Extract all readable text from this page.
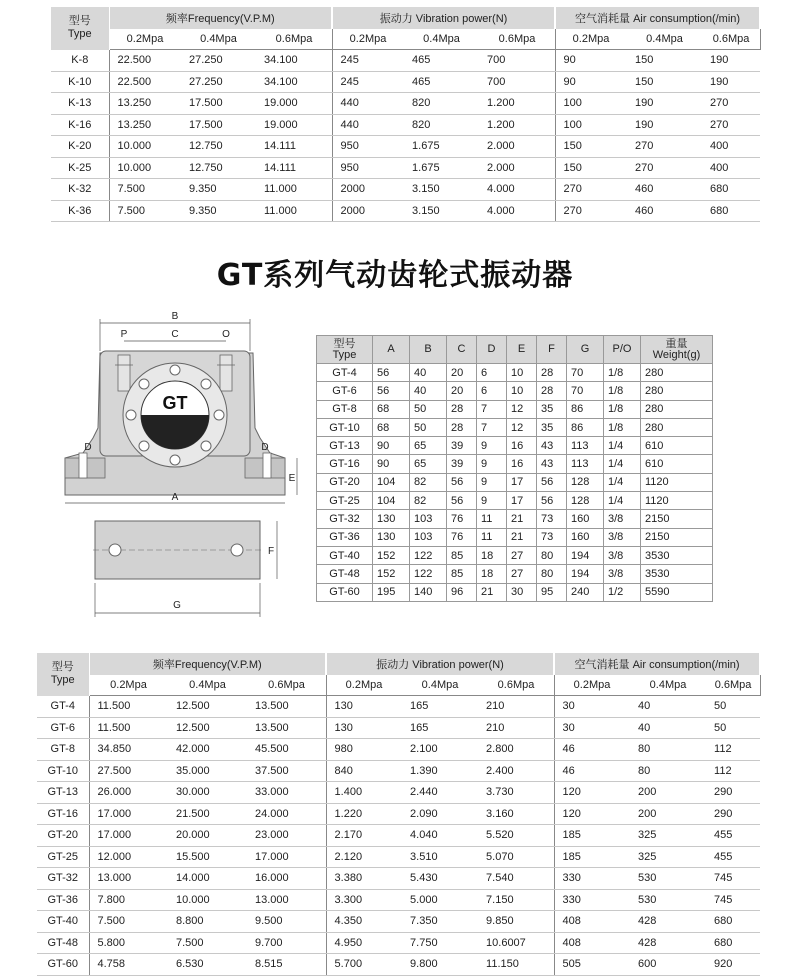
型号
Type	频率Frequency(V.P.M)			振动力 Vibration power(N)			空气消耗量 Air consumption(/min)		
	0.2Mpa	0.4Mpa	0.6Mpa	0.2Mpa	0.4Mpa	0.6Mpa	0.2Mpa	0.4Mpa	0.6Mpa
K-8	22.500	27.250	34.100	245	465	700	90	150	190
K-10	22.500	27.250	34.100	245	465	700	90	150	190
K-13	13.250	17.500	19.000	440	820	1.200	100	190	270
K-16	13.250	17.500	19.000	440	820	1.200	100	190	270
K-20	10.000	12.750	14.111	950	1.675	2.000	150	270	400
K-25	10.000	12.750	14.111	950	1.675	2.000	150	270	400
K-32	7.500	9.350	11.000	2000	3.150	4.000	270	460	680
K-36	7.500	9.350	11.000	2000	3.150	4.000	270	460	680
GT系列气动齿轮式振动器
GT
B
P	C	O
D	D
A
E
F
G
型号
Type	A	B	C	D	E	F	G	P/O	重量
Weight(g)
GT-4	56	40	20	6	10	28	70	1/8	280
GT-6	56	40	20	6	10	28	70	1/8	280
GT-8	68	50	28	7	12	35	86	1/8	280
GT-10	68	50	28	7	12	35	86	1/8	280
GT-13	90	65	39	9	16	43	113	1/4	610
GT-16	90	65	39	9	16	43	113	1/4	610
GT-20	104	82	56	9	17	56	128	1/4	1120
GT-25	104	82	56	9	17	56	128	1/4	1120
GT-32	130	103	76	11	21	73	160	3/8	2150
GT-36	130	103	76	11	21	73	160	3/8	2150
GT-40	152	122	85	18	27	80	194	3/8	3530
GT-48	152	122	85	18	27	80	194	3/8	3530
GT-60	195	140	96	21	30	95	240	1/2	5590
型号
Type	频率Frequency(V.P.M)			振动力 Vibration power(N)			空气消耗量 Air consumption(/min)		
	0.2Mpa	0.4Mpa	0.6Mpa	0.2Mpa	0.4Mpa	0.6Mpa	0.2Mpa	0.4Mpa	0.6Mpa
GT-4	11.500	12.500	13.500	130	165	210	30	40	50
GT-6	11.500	12.500	13.500	130	165	210	30	40	50
GT-8	34.850	42.000	45.500	980	2.100	2.800	46	80	112
GT-10	27.500	35.000	37.500	840	1.390	2.400	46	80	112
GT-13	26.000	30.000	33.000	1.400	2.440	3.730	120	200	290
GT-16	17.000	21.500	24.000	1.220	2.090	3.160	120	200	290
GT-20	17.000	20.000	23.000	2.170	4.040	5.520	185	325	455
GT-25	12.000	15.500	17.000	2.120	3.510	5.070	185	325	455
GT-32	13.000	14.000	16.000	3.380	5.430	7.540	330	530	745
GT-36	7.800	10.000	13.000	3.300	5.000	7.150	330	530	745
GT-40	7.500	8.800	9.500	4.350	7.350	9.850	408	428	680
GT-48	5.800	7.500	9.700	4.950	7.750	10.6007	408	428	680
GT-60	4.758	6.530	8.515	5.700	9.800	11.150	505	600	920
